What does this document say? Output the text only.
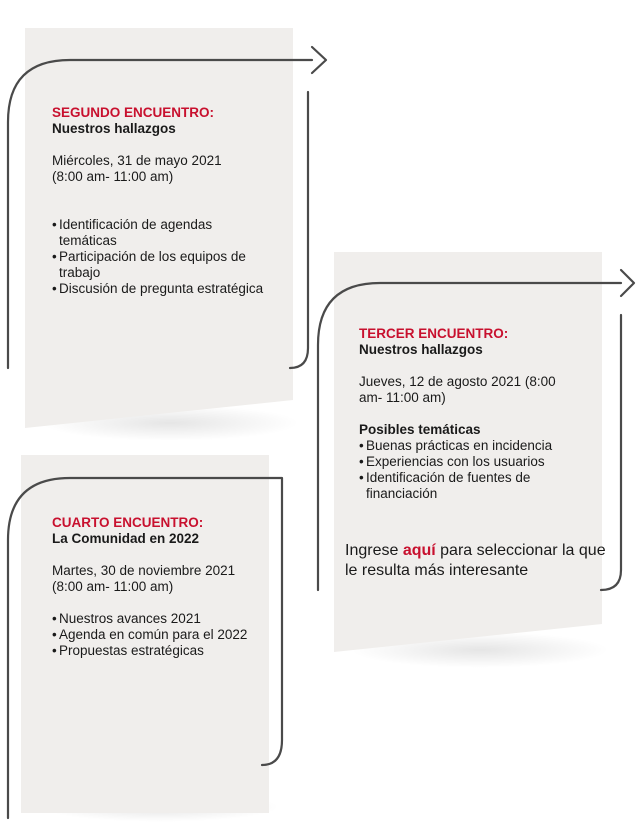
SEGUNDO ENCUENTRO:
Nuestros hallazgos
Miércoles, 31 de mayo 2021
(8:00 am- 11:00 am)
• Identificación de agendas temáticas
• Participación de los equipos de trabajo
• Discusión de pregunta estratégica
TERCER ENCUENTRO:
Nuestros hallazgos
Jueves, 12 de agosto 2021 (8:00 am- 11:00 am)
Posibles temáticas
• Buenas prácticas en incidencia
• Experiencias con los usuarios
• Identificación de fuentes de financiación
Ingrese aquí para seleccionar la que le resulta más interesante
CUARTO ENCUENTRO:
La Comunidad en 2022
Martes, 30 de noviembre 2021
(8:00 am- 11:00 am)
• Nuestros avances 2021
• Agenda en común para el 2022
• Propuestas estratégicas
